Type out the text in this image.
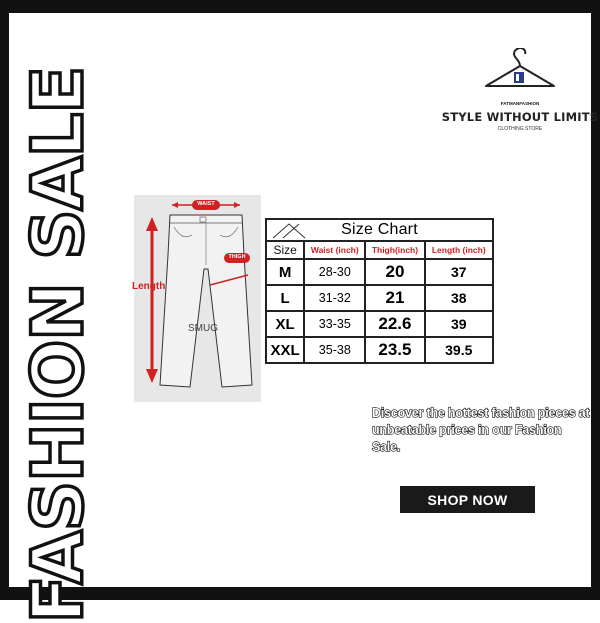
FASHION SALE	FATMANFASHION
STYLE WITHOUT LIMITS
CLOTHING STORE
WAIST
THIGH
Length
SMUG
Size Chart			
Size	Waist (inch)	Thigh(inch)	Length (inch)
M	28-30	20	37
L	31-32	21	38
XL	33-35	22.6	39
XXL	35-38	23.5	39.5
Discover the hottest fashion pieces at unbeatable prices in our Fashion Sale.
SHOP NOW
